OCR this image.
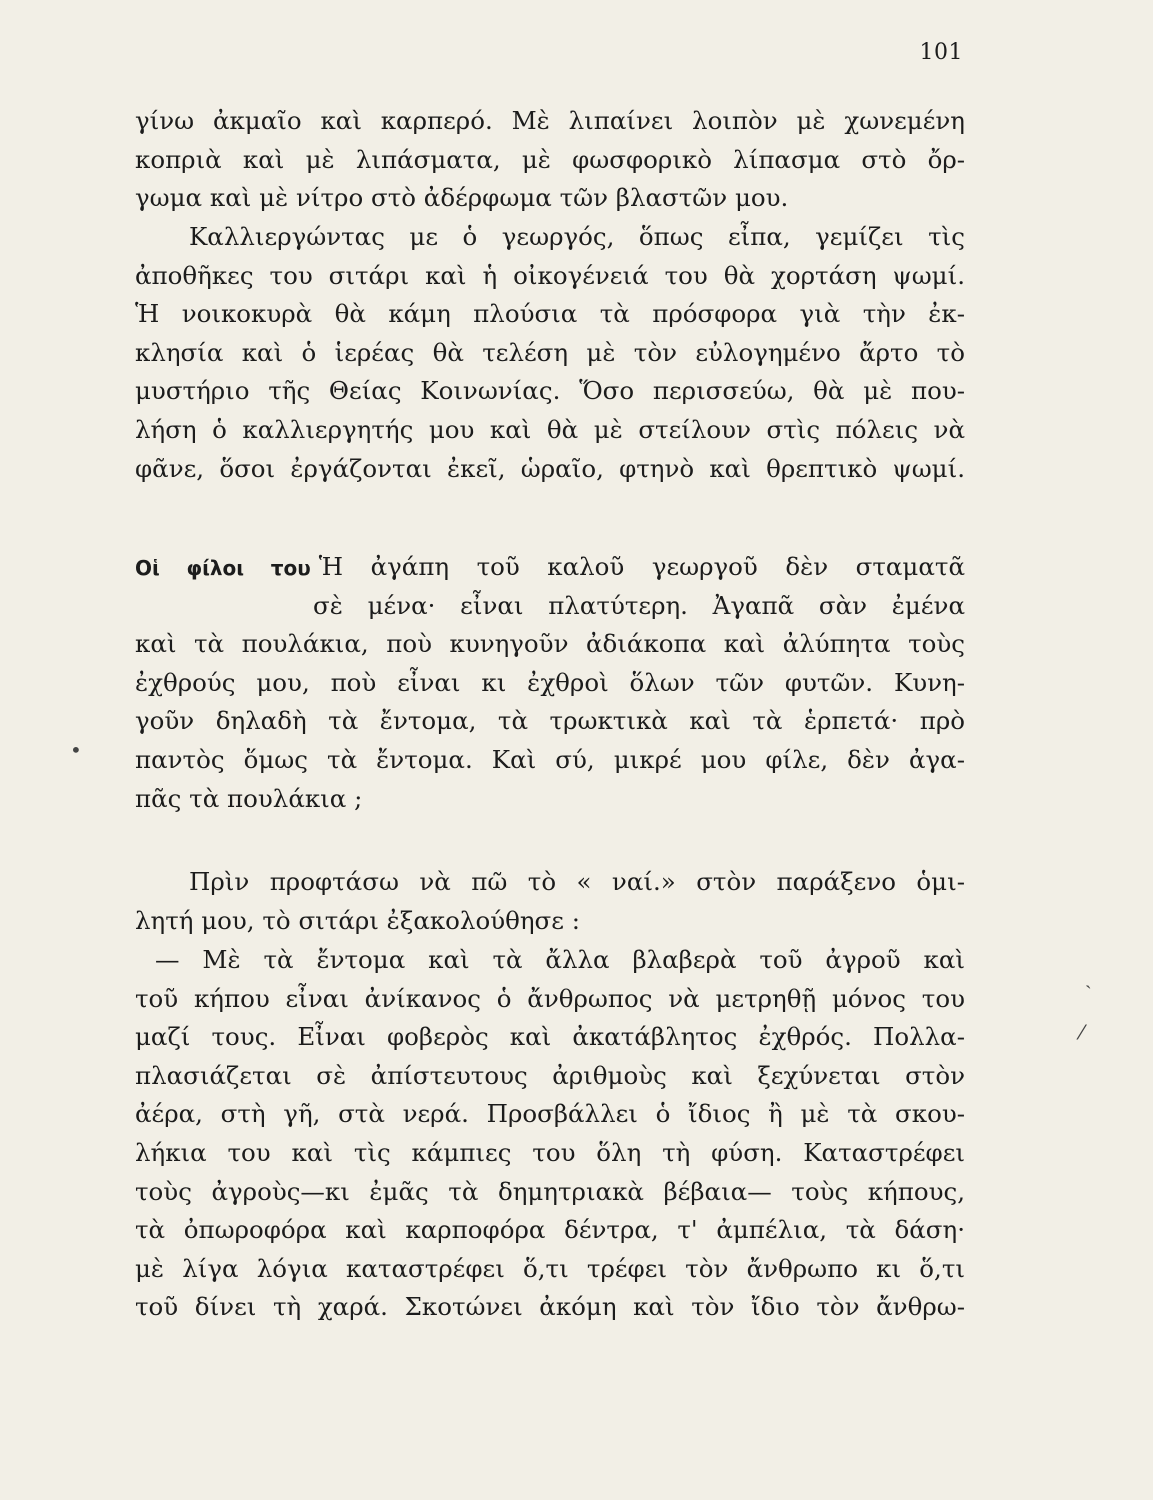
101
γίνω ἀκμαῖο καὶ καρπερό. Μὲ λιπαίνει λοιπὸν μὲ χωνεμένη
κοπριὰ καὶ μὲ λιπάσματα, μὲ φωσφορικὸ λίπασμα στὸ ὄρ-
γωμα καὶ μὲ νίτρο στὸ ἀδέρφωμα τῶν βλαστῶν μου.
Καλλιεργώντας με ὁ γεωργός, ὅπως εἶπα, γεμίζει τὶς
ἀποθῆκες του σιτάρι καὶ ἡ οἰκογένειά του θὰ χορτάση ψωμί.
Ἡ νοικοκυρὰ θὰ κάμη πλούσια τὰ πρόσφορα γιὰ τὴν ἐκ-
κλησία καὶ ὁ ἱερέας θὰ τελέση μὲ τὸν εὐλογημένο ἄρτο τὸ
μυστήριο τῆς Θείας Κοινωνίας. Ὅσο περισσεύω, θὰ μὲ που-
λήση ὁ καλλιεργητής μου καὶ θὰ μὲ στείλουν στὶς πόλεις νὰ
φᾶνε, ὅσοι ἐργάζονται ἐκεῖ, ὡραῖο, φτηνὸ καὶ θρεπτικὸ ψωμί.
Οἱ φίλοι του Ἡ ἀγάπη τοῦ καλοῦ γεωργοῦ δὲν σταματᾶ
σὲ μένα· εἶναι πλατύτερη. Ἀγαπᾶ σὰν ἐμένα
καὶ τὰ πουλάκια, ποὺ κυνηγοῦν ἀδιάκοπα καὶ ἀλύπητα τοὺς
ἐχθρούς μου, ποὺ εἶναι κι ἐχθροὶ ὅλων τῶν φυτῶν. Κυνη-
γοῦν δηλαδὴ τὰ ἔντομα, τὰ τρωκτικὰ καὶ τὰ ἑρπετά· πρὸ
παντὸς ὅμως τὰ ἔντομα. Καὶ σύ, μικρέ μου φίλε, δὲν ἀγα-
πᾶς τὰ πουλάκια ;
Πρὶν προφτάσω νὰ πῶ τὸ « ναί.» στὸν παράξενο ὁμι-
λητή μου, τὸ σιτάρι ἐξακολούθησε :
— Μὲ τὰ ἔντομα καὶ τὰ ἄλλα βλαβερὰ τοῦ ἀγροῦ καὶ
τοῦ κήπου εἶναι ἀνίκανος ὁ ἄνθρωπος νὰ μετρηθῇ μόνος του
μαζί τους. Εἶναι φοβερὸς καὶ ἀκατάβλητος ἐχθρός. Πολλα-
πλασιάζεται σὲ ἀπίστευτους ἀριθμοὺς καὶ ξεχύνεται στὸν
ἀέρα, στὴ γῆ, στὰ νερά. Προσβάλλει ὁ ἴδιος ἢ μὲ τὰ σκου-
λήκια του καὶ τὶς κάμπιες του ὅλη τὴ φύση. Καταστρέφει
τοὺς ἀγροὺς—κι ἐμᾶς τὰ δημητριακὰ βέβαια— τοὺς κήπους,
τὰ ὀπωροφόρα καὶ καρποφόρα δέντρα, τ' ἀμπέλια, τὰ δάση·
μὲ λίγα λόγια καταστρέφει ὅ,τι τρέφει τὸν ἄνθρωπο κι ὅ,τι
τοῦ δίνει τὴ χαρά. Σκοτώνει ἀκόμη καὶ τὸν ἴδιο τὸν ἄνθρω-
•
ˎ
⁄
